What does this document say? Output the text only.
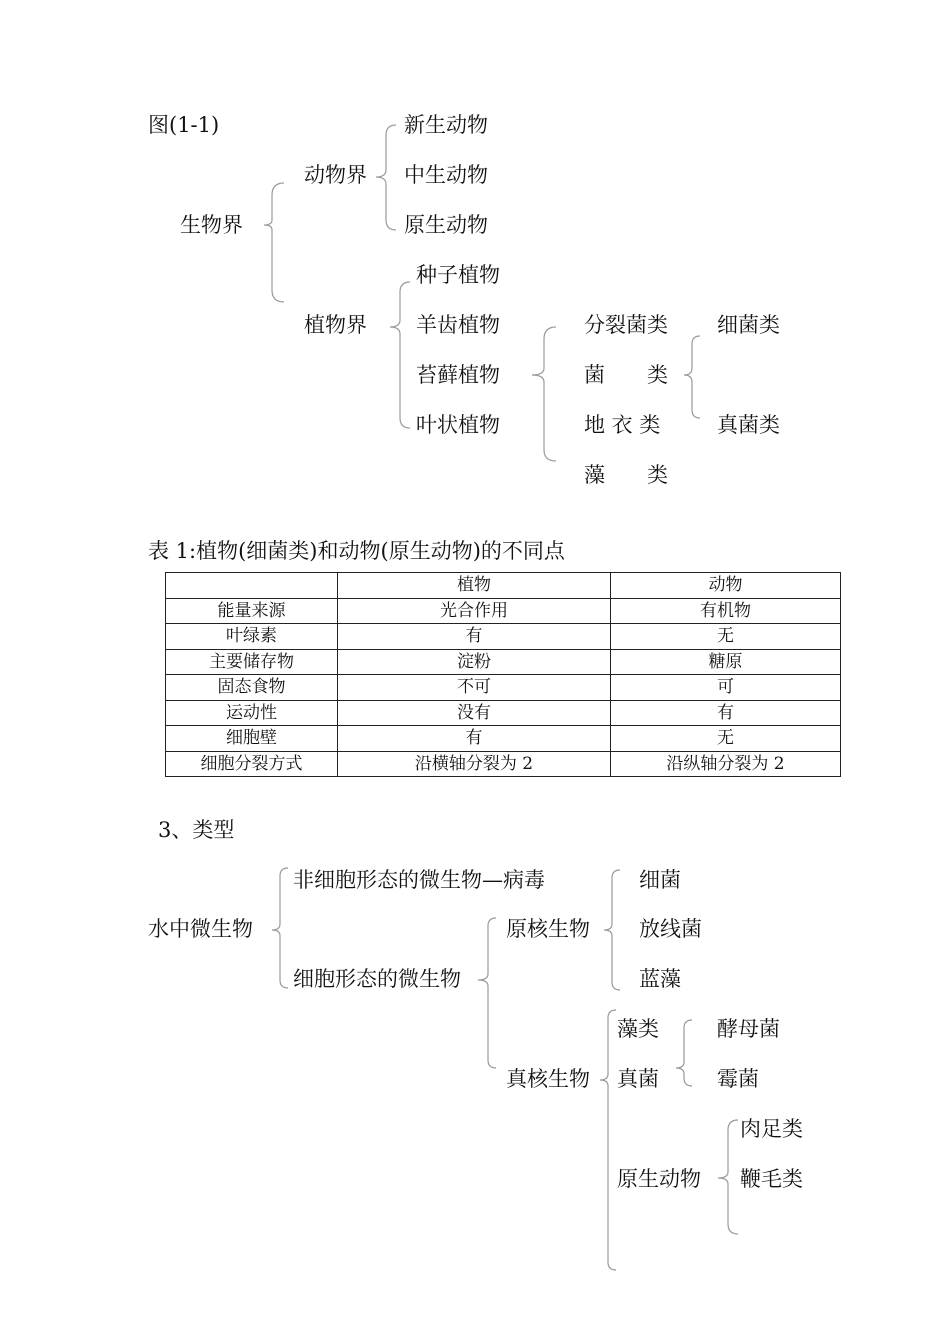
图(1-1)
生物界
动物界
新生动物
中生动物
原生动物
植物界
种子植物
羊齿植物
苔藓植物
叶状植物
分裂菌类
菌　　类
地 衣 类
藻　　类
细菌类
真菌类
表 1:植物(细菌类)和动物(原生动物)的不同点
	植物	动物
能量来源	光合作用	有机物
叶绿素	有	无
主要储存物	淀粉	糖原
固态食物	不可	可
运动性	没有	有
细胞壁	有	无
细胞分裂方式	沿横轴分裂为 2	沿纵轴分裂为 2
3、类型
水中微生物
非细胞形态的微生物—病毒
细胞形态的微生物
原核生物
细菌
放线菌
蓝藻
真核生物
藻类
真菌
酵母菌
霉菌
原生动物
肉足类
鞭毛类
